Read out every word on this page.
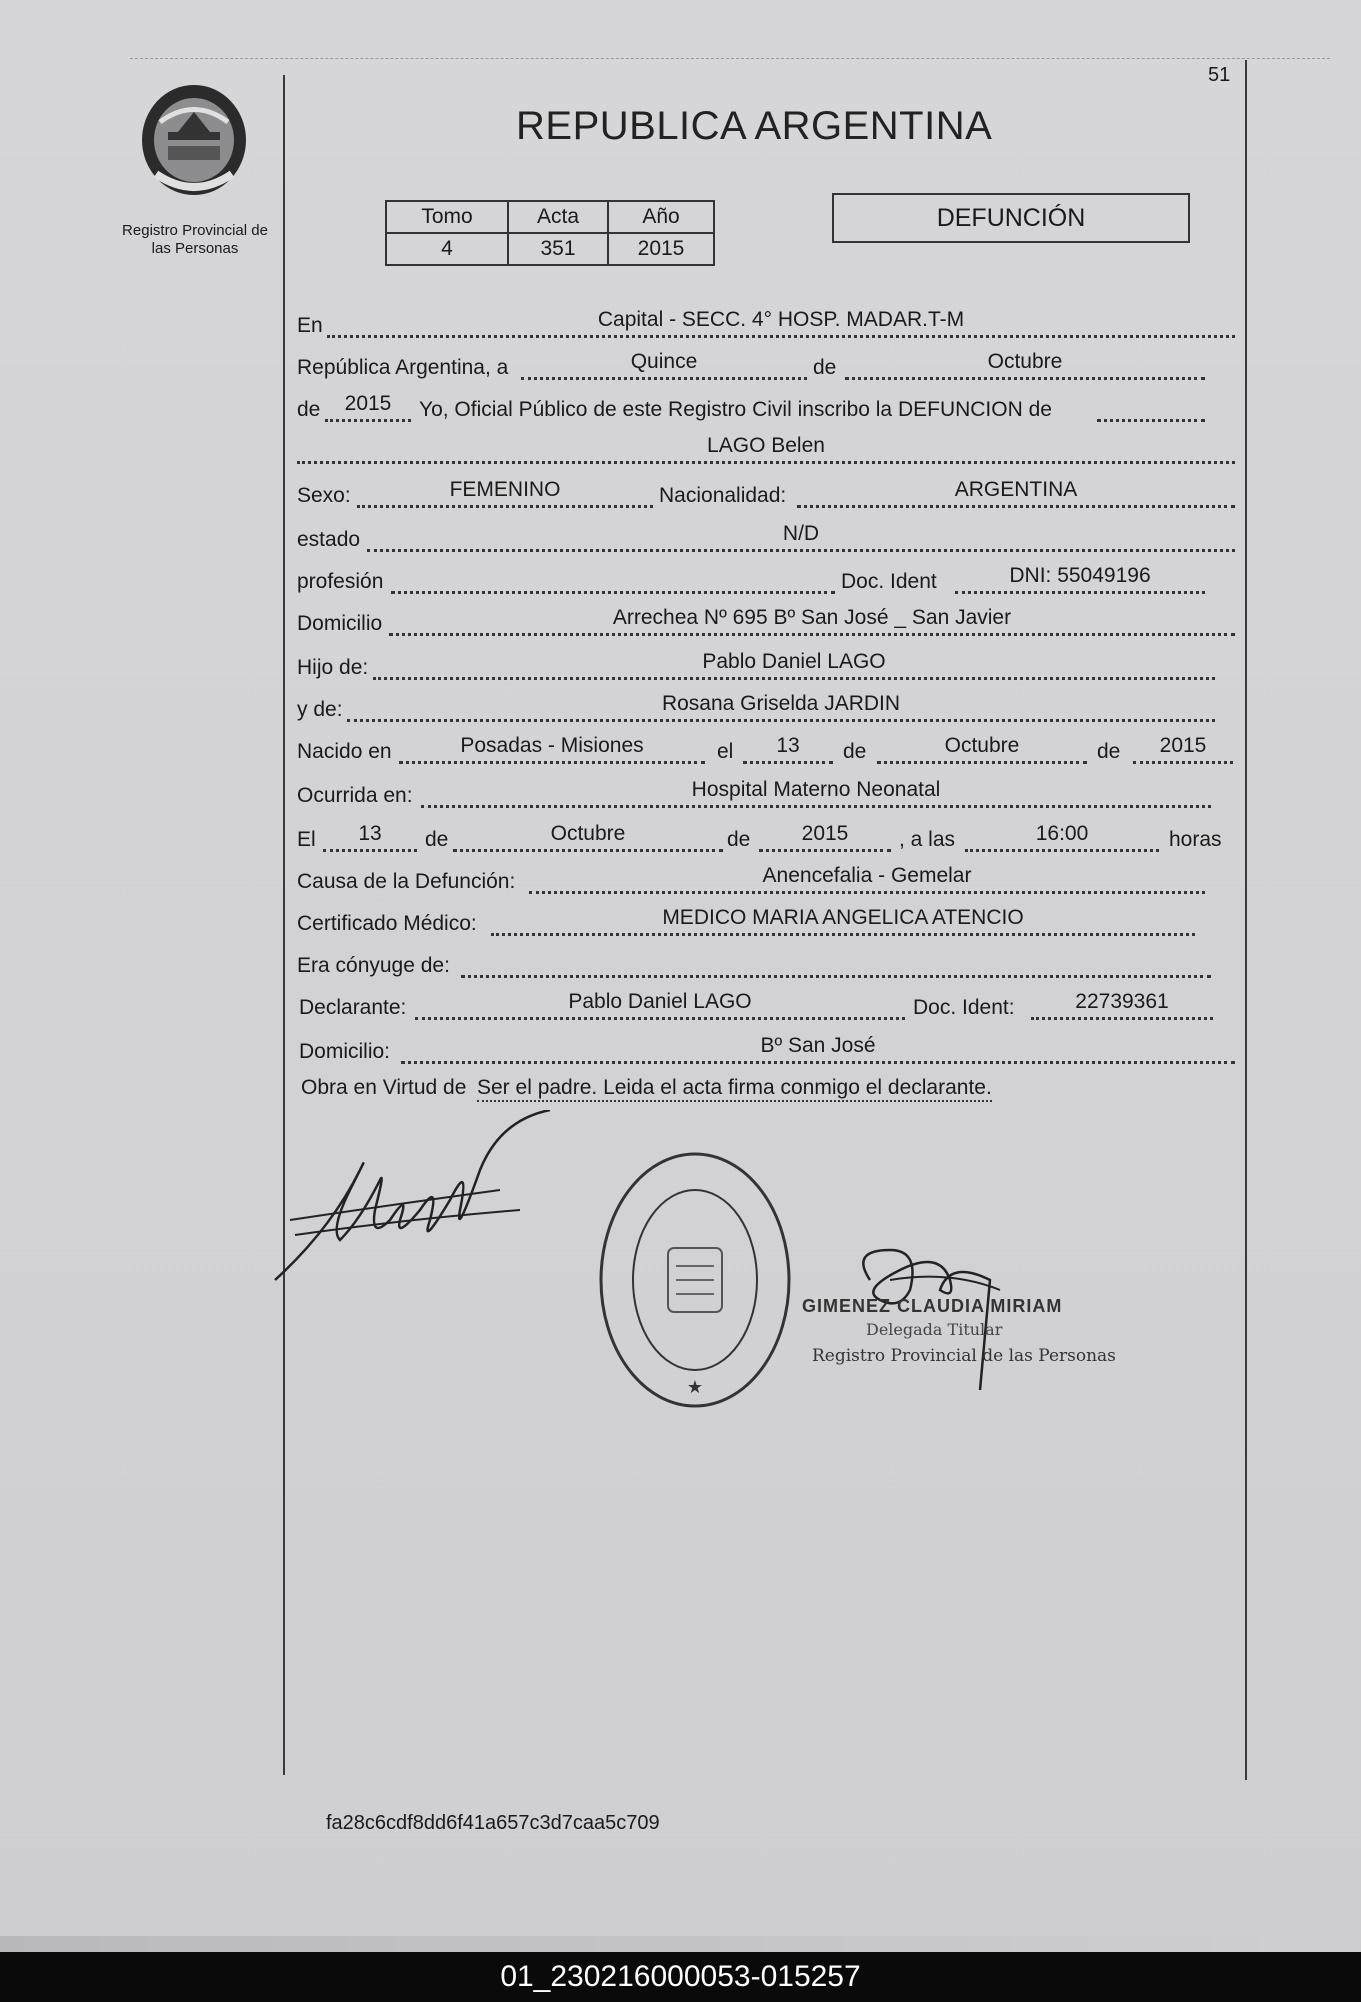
51
Registro Provincial de
las Personas
REPUBLICA ARGENTINA
Tomo	Acta	Año
4	351	2015
DEFUNCIÓN
En	Capital - SECC. 4° HOSP. MADAR.T-M
República Argentina, a	Quince	de	Octubre
de	2015	Yo, Oficial Público de este Registro Civil inscribo la DEFUNCION de
LAGO Belen
Sexo:	FEMENINO	Nacionalidad:	ARGENTINA
estado	N/D
profesión	Doc. Ident	DNI: 55049196
Domicilio	Arrechea Nº 695 Bº San José _ San Javier
Hijo de:	Pablo Daniel LAGO
y de:	Rosana Griselda JARDIN
Nacido en	Posadas - Misiones	el	13	de	Octubre	de	2015
Ocurrida en:	Hospital Materno Neonatal
El	13	de	Octubre	de	2015	, a las	16:00	horas
Causa de la Defunción:	Anencefalia - Gemelar
Certificado Médico:	MEDICO MARIA ANGELICA ATENCIO
Era cónyuge de:
Declarante:	Pablo Daniel LAGO	Doc. Ident:	22739361
Domicilio:	Bº San José
Obra en Virtud de Ser el padre. Leida el acta firma conmigo el declarante.
★
GIMENEZ CLAUDIA MIRIAM
Delegada Titular
Registro Provincial de las Personas
fa28c6cdf8dd6f41a657c3d7caa5c709
01_230216000053-015257
